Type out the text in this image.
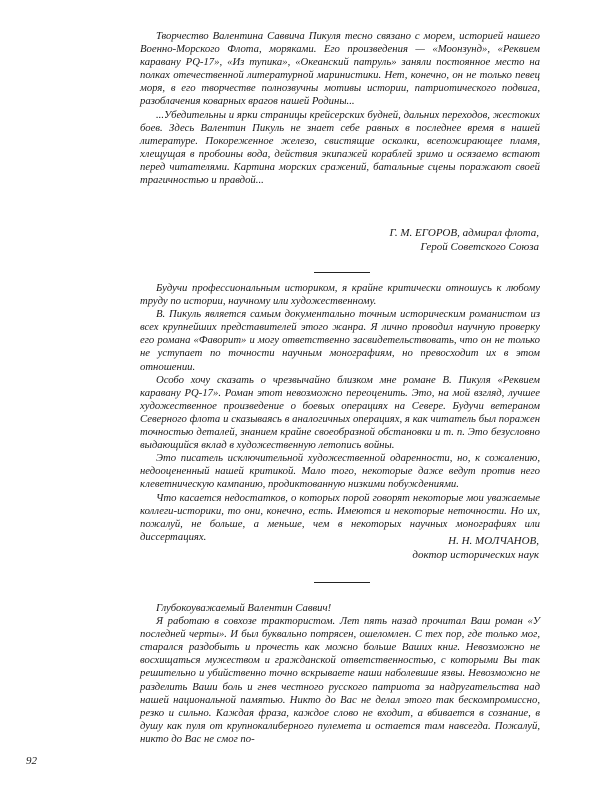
Творчество Валентина Саввича Пикуля тесно связано с морем, историей нашего Военно-Морского Флота, моряками. Его произведения — «Моонзунд», «Реквием каравану PQ-17», «Из тупика», «Океанский патруль» заняли постоянное место на полках отечественной литературной маринистики. Нет, конечно, он не только певец моря, в его творчестве полнозвучны мотивы истории, патриотического подвига, разоблачения коварных врагов нашей Родины...

...Убедительны и ярки страницы крейсерских будней, дальних переходов, жестоких боев. Здесь Валентин Пикуль не знает себе равных в последнее время в нашей литературе. Покореженное железо, свистящие осколки, всепожирающее пламя, хлещущая в пробоины вода, действия экипажей кораблей зримо и осязаемо встают перед читателями. Картина морских сражений, батальные сцены поражают своей трагичностью и правдой...

Г. М. ЕГОРОВ, адмирал флота,
Герой Советского Союза

Будучи профессиональным историком, я крайне критически отношусь к любому труду по истории, научному или художественному.

В. Пикуль является самым документально точным историческим романистом из всех крупнейших представителей этого жанра. Я лично проводил научную проверку его романа «Фаворит» и могу ответственно засвидетельствовать, что он не только не уступает по точности научным монографиям, но превосходит их в этом отношении.

Особо хочу сказать о чрезвычайно близком мне романе В. Пикуля «Реквием каравану PQ-17». Роман этот невозможно переоценить. Это, на мой взгляд, лучшее художественное произведение о боевых операциях на Севере. Будучи ветераном Северного флота и сказываясь в аналогичных операциях, я как читатель был поражен точностью деталей, знанием крайне своеобразной обстановки и т. п. Это безусловно выдающийся вклад в художественную летопись войны.

Это писатель исключительной художественной одаренности, но, к сожалению, недооцененный нашей критикой. Мало того, некоторые даже ведут против него клеветническую кампанию, продиктованную низкими побуждениями.

Что касается недостатков, о которых порой говорят некоторые мои уважаемые коллеги-историки, то они, конечно, есть. Имеются и некоторые неточности. Но их, пожалуй, не больше, а меньше, чем в некоторых научных монографиях или диссертациях.	Н. Н. МОЛЧАНОВ,
доктор исторических наук

Глубокоуважаемый Валентин Саввич!

Я работаю в совхозе трактористом. Лет пять назад прочитал Ваш роман «У последней черты». И был буквально потрясен, ошеломлен. С тех пор, где только мог, старался раздобыть и прочесть как можно больше Ваших книг. Невозможно не восхищаться мужеством и гражданской ответственностью, с которыми Вы так решительно и убийственно точно вскрываете наши наболевшие язвы. Невозможно не разделить Ваши боль и гнев честного русского патриота за надругательства над нашей национальной памятью. Никто до Вас не делал этого так бескомпромиссно, резко и сильно. Каждая фраза, каждое слово не входит, а вбивается в сознание, в душу как пуля от крупнокалиберного пулемета и остается там навсегда. Пожалуй, никто до Вас не смог по-

92
